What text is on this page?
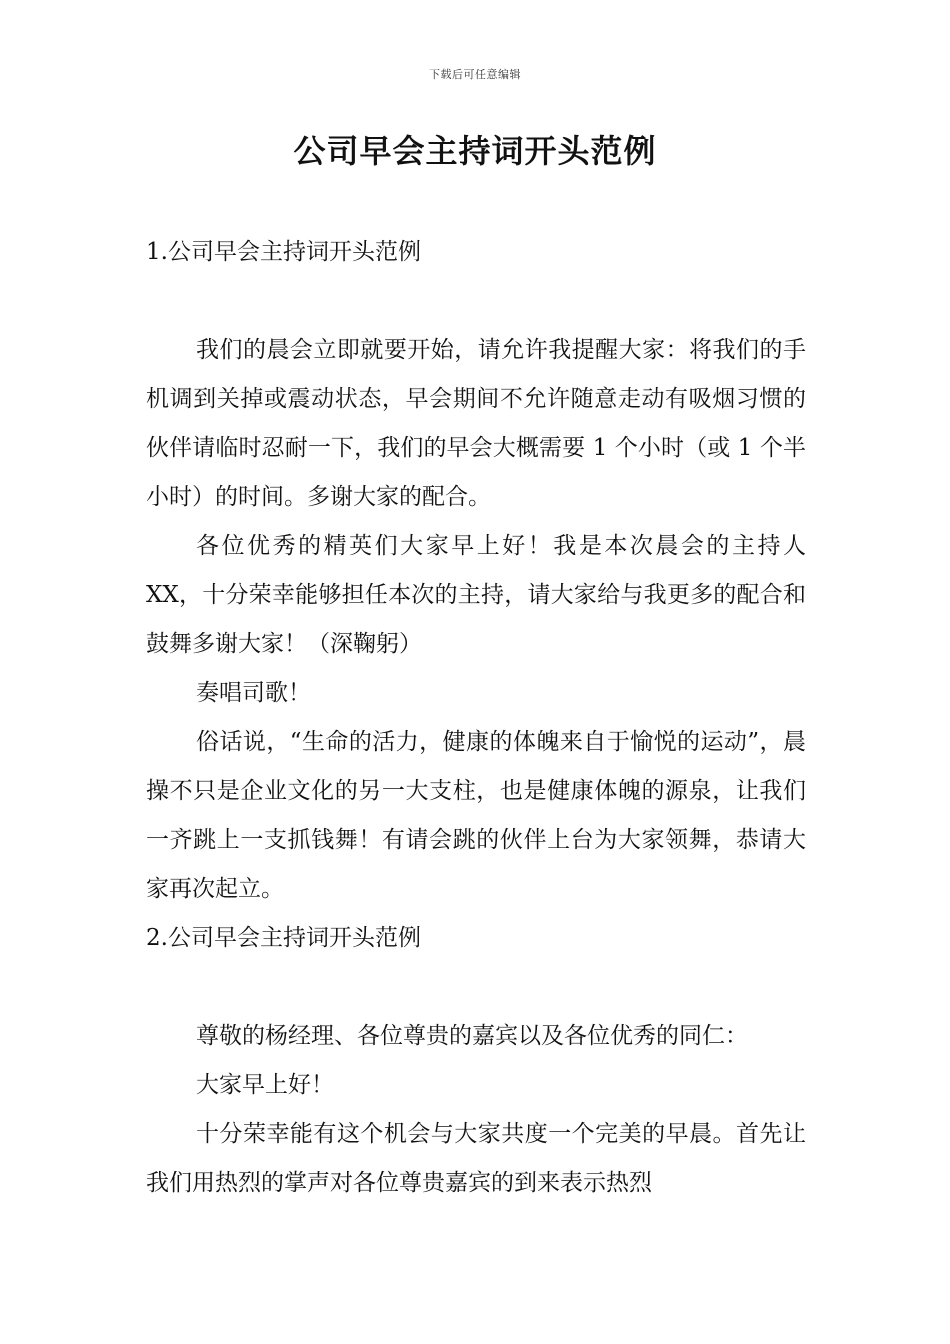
下载后可任意编辑
公司早会主持词开头范例

1.公司早会主持词开头范例

我们的晨会立即就要开始，请允许我提醒大家：将我们的手机调到关掉或震动状态，早会期间不允许随意走动有吸烟习惯的伙伴请临时忍耐一下，我们的早会大概需要 1 个小时（或 1 个半小时）的时间。多谢大家的配合。

各位优秀的精英们大家早上好！我是本次晨会的主持人 XX，十分荣幸能够担任本次的主持，请大家给与我更多的配合和鼓舞多谢大家！（深鞠躬）

奏唱司歌！

俗话说，“生命的活力，健康的体魄来自于愉悦的运动”，晨操不只是企业文化的另一大支柱，也是健康体魄的源泉，让我们一齐跳上一支抓钱舞！有请会跳的伙伴上台为大家领舞，恭请大家再次起立。

2.公司早会主持词开头范例

尊敬的杨经理、各位尊贵的嘉宾以及各位优秀的同仁：

大家早上好！

十分荣幸能有这个机会与大家共度一个完美的早晨。首先让我们用热烈的掌声对各位尊贵嘉宾的到来表示热烈
